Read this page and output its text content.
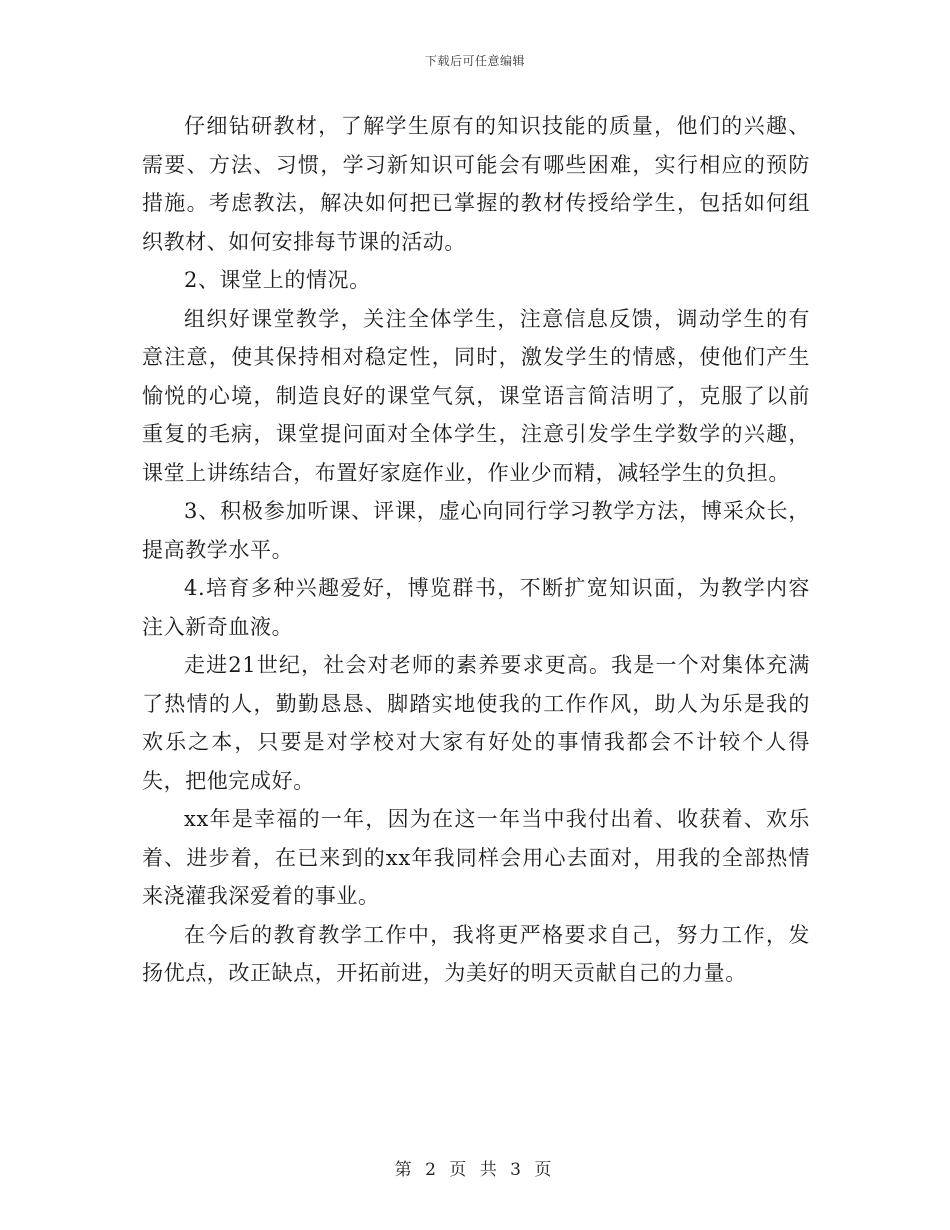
下载后可任意编辑

仔细钻研教材，了解学生原有的知识技能的质量，他们的兴趣、需要、方法、习惯，学习新知识可能会有哪些困难，实行相应的预防措施。考虑教法，解决如何把已掌握的教材传授给学生，包括如何组织教材、如何安排每节课的活动。

2、课堂上的情况。

组织好课堂教学，关注全体学生，注意信息反馈，调动学生的有意注意，使其保持相对稳定性，同时，激发学生的情感，使他们产生愉悦的心境，制造良好的课堂气氛，课堂语言简洁明了，克服了以前重复的毛病，课堂提问面对全体学生，注意引发学生学数学的兴趣，课堂上讲练结合，布置好家庭作业，作业少而精，减轻学生的负担。

3、积极参加听课、评课，虚心向同行学习教学方法，博采众长，提高教学水平。

4.培育多种兴趣爱好，博览群书，不断扩宽知识面，为教学内容注入新奇血液。

走进21世纪，社会对老师的素养要求更高。我是一个对集体充满了热情的人，勤勤恳恳、脚踏实地使我的工作作风，助人为乐是我的欢乐之本，只要是对学校对大家有好处的事情我都会不计较个人得失，把他完成好。

xx年是幸福的一年，因为在这一年当中我付出着、收获着、欢乐着、进步着，在已来到的xx年我同样会用心去面对，用我的全部热情来浇灌我深爱着的事业。

在今后的教育教学工作中，我将更严格要求自己，努力工作，发扬优点，改正缺点，开拓前进，为美好的明天贡献自己的力量。

第 2 页 共 3 页
